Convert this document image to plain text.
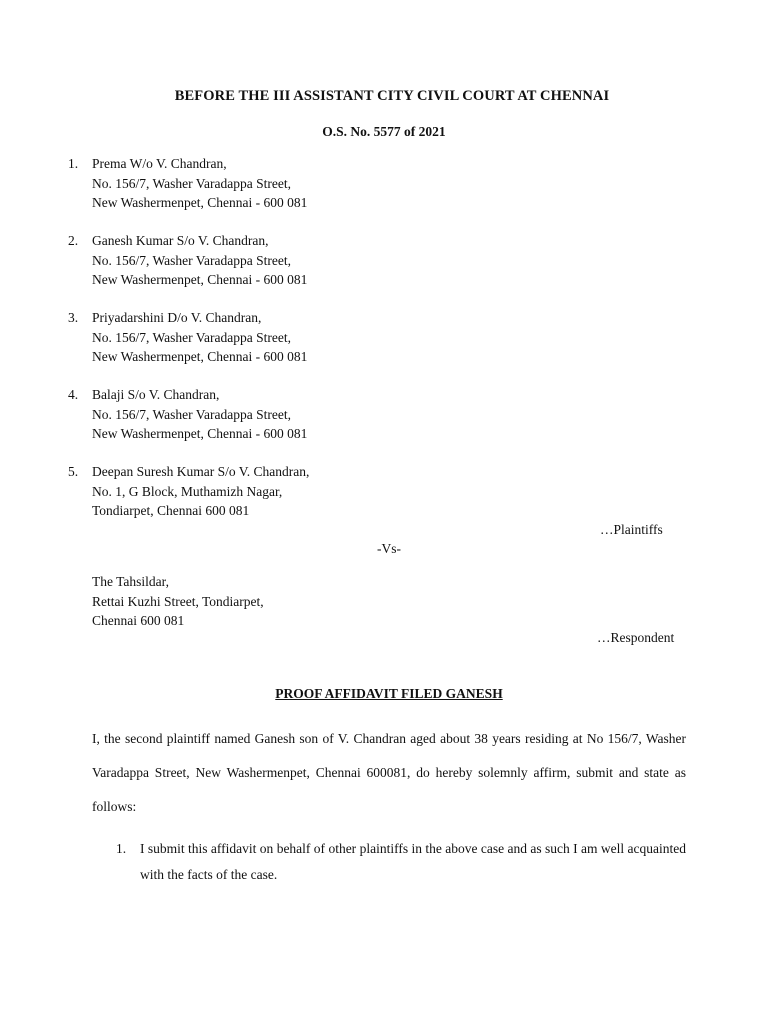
BEFORE THE III ASSISTANT CITY CIVIL COURT AT CHENNAI
O.S. No. 5577 of 2021
1.	Prema W/o V. Chandran,
No. 156/7, Washer Varadappa Street,
New Washermenpet, Chennai - 600 081
2.	Ganesh Kumar S/o V. Chandran,
No. 156/7, Washer Varadappa Street,
New Washermenpet, Chennai - 600 081
3.	Priyadarshini D/o V. Chandran,
No. 156/7, Washer Varadappa Street,
New Washermenpet, Chennai - 600 081
4.	Balaji S/o V. Chandran,
No. 156/7, Washer Varadappa Street,
New Washermenpet, Chennai - 600 081
5.	Deepan Suresh Kumar S/o V. Chandran,
No. 1, G Block, Muthamizh Nagar,
Tondiarpet, Chennai 600 081
…Plaintiffs
-Vs-
The Tahsildar,
Rettai Kuzhi Street, Tondiarpet,
Chennai 600 081
…Respondent
PROOF AFFIDAVIT FILED GANESH
I, the second plaintiff named Ganesh son of V. Chandran aged about 38 years residing at No 156/7, Washer Varadappa Street, New Washermenpet, Chennai 600081, do hereby solemnly affirm, submit and state as follows:
1.	I submit this affidavit on behalf of other plaintiffs in the above case and as such I am well acquainted with the facts of the case.
